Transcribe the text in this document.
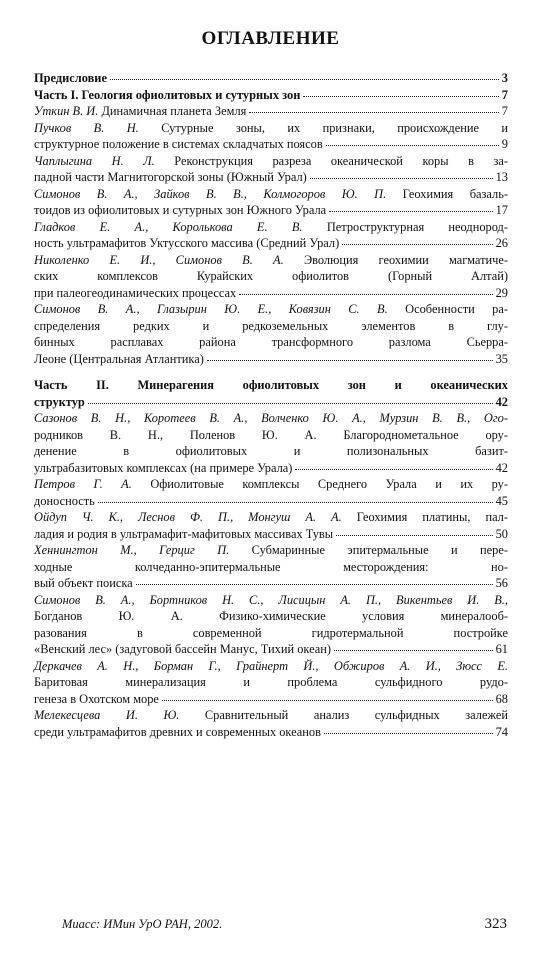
ОГЛАВЛЕНИЕ
Предисловие	3
Часть I. Геология офиолитовых и сутурных зон	7
Уткин В. И. Динамичная планета Земля	7
Пучков В. Н. Сутурные зоны, их признаки, происхождение и
структурное положение в системах складчатых поясов	9
Чаплыгина Н. Л. Реконструкция разреза океанической коры в за-
падной части Магнитогорской зоны (Южный Урал)	13
Симонов В. А., Зайков В. В., Колмогоров Ю. П. Геохимия базаль-
тоидов из офиолитовых и сутурных зон Южного Урала	17
Гладков Е. А., Королькова Е. В. Петроструктурная неоднород-
ность ультрамафитов Уктусского массива (Средний Урал)	26
Николенко Е. И., Симонов В. А. Эволюция геохимии магматиче-
ских комплексов Курайских офиолитов (Горный Алтай)
при палеогеодинамических процессах	29
Симонов В. А., Глазырин Ю. Е., Ковязин С. В. Особенности ра-
спределения редких и редкоземельных элементов в глу-
бинных расплавах района трансформного разлома Сьерра-
Леоне (Центральная Атлантика)	35
Часть II. Минерагения офиолитовых зон и океанических
структур	42
Сазонов В. Н., Коротеев В. А., Волченко Ю. А., Мурзин В. В., Ого-
родников В. Н., Поленов Ю. А. Благороднометальное ору-
денение в офиолитовых и полизональных базит-
ультрабазитовых комплексах (на примере Урала)	42
Петров Г. А. Офиолитовые комплексы Среднего Урала и их ру-
доносность	45
Ойдуп Ч. К., Леснов Ф. П., Монгуш А. А. Геохимия платины, пал-
ладия и родия в ультрамафит-мафитовых массивах Тувы	50
Хеннингтон М., Герциг П. Субмаринные эпитермальные и пере-
ходные колчеданно-эпитермальные месторождения: но-
вый объект поиска	56
Симонов В. А., Бортников Н. С., Лисицын А. П., Викентьев И. В.,
Богданов Ю. А. Физико-химические условия минералооб-
разования в современной гидротермальной постройке
«Венский лес» (задуговой бассейн Манус, Тихий океан)	61
Деркачев А. Н., Борман Г., Грайнерт Й., Обжиров А. И., Зюсс Е.
Баритовая минерализация и проблема сульфидного рудо-
генеза в Охотском море	68
Мелекесцева И. Ю. Сравнительный анализ сульфидных залежей
среди ультрамафитов древних и современных океанов	74
Миасс: ИМин УрО РАН, 2002.	323
